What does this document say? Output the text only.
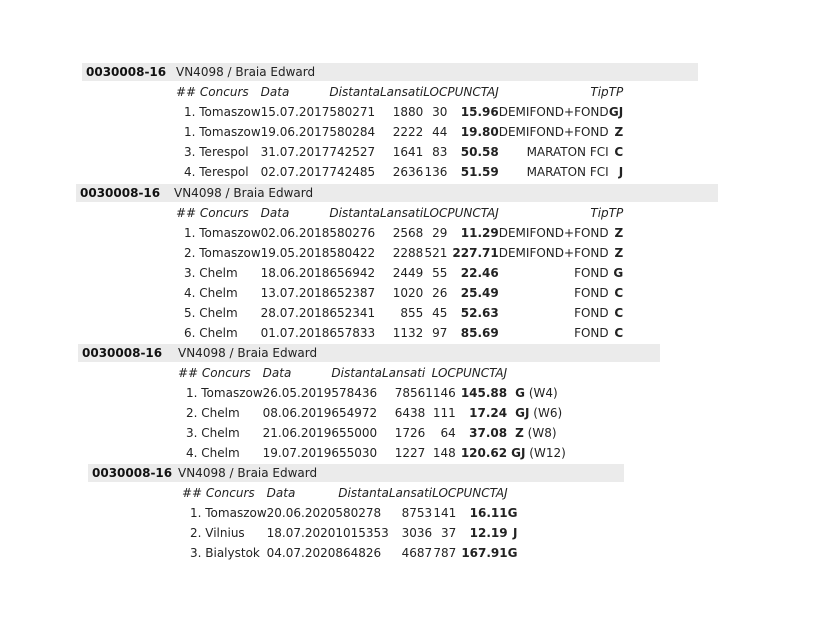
0030008-16 VN4098 / Braia Edward
## Concurs	Data	Distanta	Lansati	LOC	PUNCTAJ	Tip	TP
1. Tomaszow	15.07.2017	580271	1880	30	15.96	DEMIFOND+FOND	GJ
1. Tomaszow	19.06.2017	580284	2222	44	19.80	DEMIFOND+FOND	Z
3. Terespol	31.07.2017	742527	1641	83	50.58	MARATON FCI	C
4. Terespol	02.07.2017	742485	2636	136	51.59	MARATON FCI	J
0030008-16 VN4098 / Braia Edward
## Concurs	Data	Distanta	Lansati	LOC	PUNCTAJ	Tip	TP
1. Tomaszow	02.06.2018	580276	2568	29	11.29	DEMIFOND+FOND	Z
2. Tomaszow	19.05.2018	580422	2288	521	227.71	DEMIFOND+FOND	Z
3. Chelm	18.06.2018	656942	2449	55	22.46	FOND	G
4. Chelm	13.07.2018	652387	1020	26	25.49	FOND	C
5. Chelm	28.07.2018	652341	855	45	52.63	FOND	C
6. Chelm	01.07.2018	657833	1132	97	85.69	FOND	C
0030008-16 VN4098 / Braia Edward
## Concurs	Data	Distanta	Lansati	LOC	PUNCTAJ	
1. Tomaszow	26.05.2019	578436	7856	1146	145.88	G (W4)
2. Chelm	08.06.2019	654972	6438	111	17.24	GJ (W6)
3. Chelm	21.06.2019	655000	1726	64	37.08	Z (W8)
4. Chelm	19.07.2019	655030	1227	148	120.62	GJ (W12)
0030008-16 VN4098 / Braia Edward
## Concurs	Data	Distanta	Lansati	LOC	PUNCTAJ	
1. Tomaszow	20.06.2020	580278	8753	141	16.11	G
2. Vilnius	18.07.2020	1015353	3036	37	12.19	J
3. Bialystok	04.07.2020	864826	4687	787	167.91	G
